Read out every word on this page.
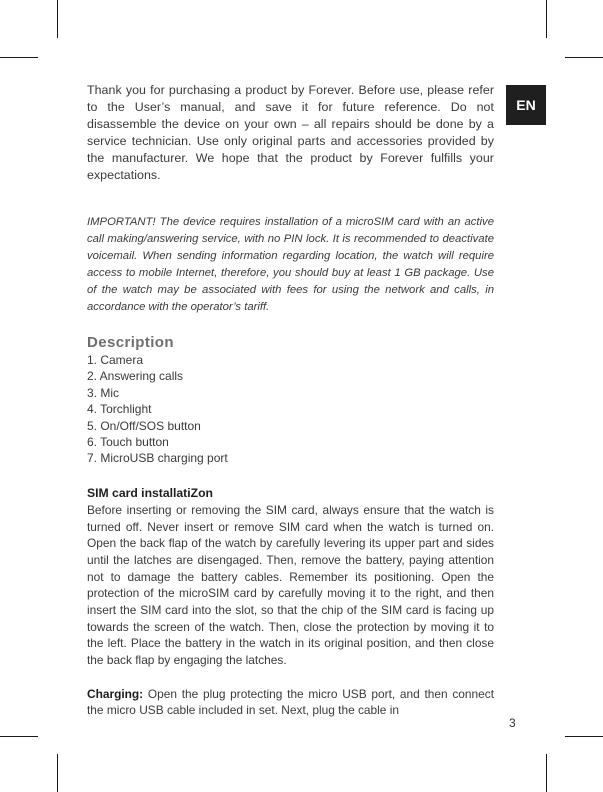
EN

Thank you for purchasing a product by Forever. Before use, please refer to the User’s manual, and save it for future reference. Do not disassemble the device on your own – all repairs should be done by a service technician. Use only original parts and accessories provided by the manufacturer. We hope that the product by Forever fulfills your expectations.

IMPORTANT! The device requires installation of a microSIM card with an active call making/answering service, with no PIN lock. It is recommended to deactivate voicemail. When sending information regarding location, the watch will require access to mobile Internet, therefore, you should buy at least 1 GB package. Use of the watch may be associated with fees for using the network and calls, in accordance with the operator’s tariff.

Description
1. Camera
2. Answering calls
3. Mic
4. Torchlight
5. On/Off/SOS button
6. Touch button
7. MicroUSB charging port
SIM card installatiZon

Before inserting or removing the SIM card, always ensure that the watch is turned off. Never insert or remove SIM card when the watch is turned on. Open the back flap of the watch by carefully levering its upper part and sides until the latches are disengaged. Then, remove the battery, paying attention not to damage the battery cables. Remember its positioning. Open the protection of the microSIM card by carefully moving it to the right, and then insert the SIM card into the slot, so that the chip of the SIM card is facing up towards the screen of the watch. Then, close the protection by moving it to the left. Place the battery in the watch in its original position, and then close the back flap by engaging the latches.

Charging: Open the plug protecting the micro USB port, and then connect the micro USB cable included in set. Next, plug the cable in

3
